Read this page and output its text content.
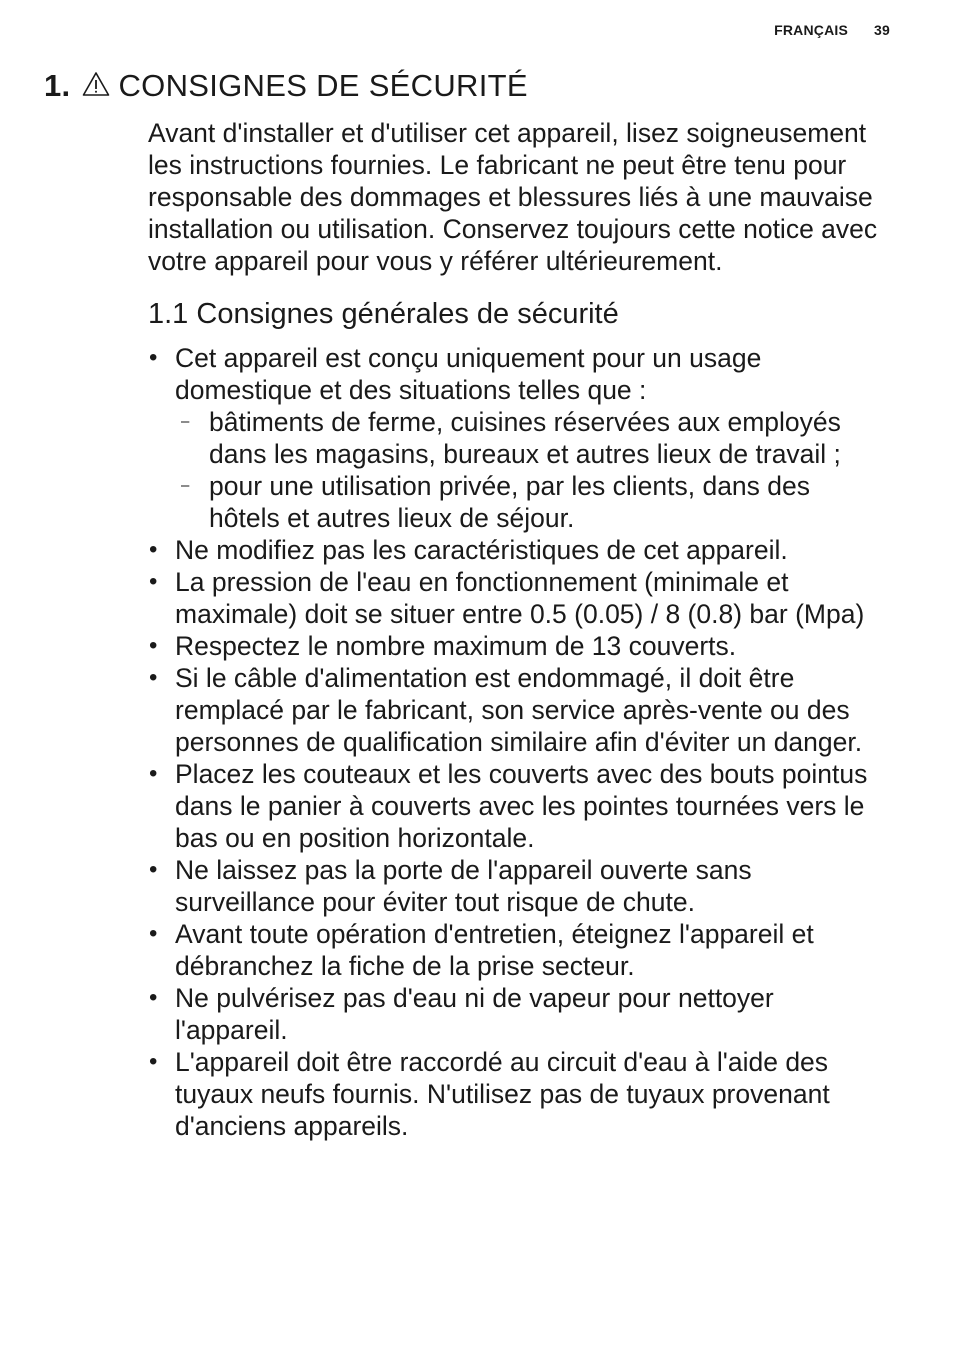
FRANÇAIS 39
1. CONSIGNES DE SÉCURITÉ

Avant d'installer et d'utiliser cet appareil, lisez soigneusement les instructions fournies. Le fabricant ne peut être tenu pour responsable des dommages et blessures liés à une mauvaise installation ou utilisation. Conservez toujours cette notice avec votre appareil pour vous y référer ultérieurement.

1.1 Consignes générales de sécurité
• Cet appareil est conçu uniquement pour un usage domestique et des situations telles que :
– bâtiments de ferme, cuisines réservées aux employés dans les magasins, bureaux et autres lieux de travail ;
– pour une utilisation privée, par les clients, dans des hôtels et autres lieux de séjour.
• Ne modifiez pas les caractéristiques de cet appareil.
• La pression de l'eau en fonctionnement (minimale et maximale) doit se situer entre 0.5 (0.05) / 8 (0.8) bar (Mpa)
• Respectez le nombre maximum de 13 couverts.
• Si le câble d'alimentation est endommagé, il doit être remplacé par le fabricant, son service après-vente ou des personnes de qualification similaire afin d'éviter un danger.
• Placez les couteaux et les couverts avec des bouts pointus dans le panier à couverts avec les pointes tournées vers le bas ou en position horizontale.
• Ne laissez pas la porte de l'appareil ouverte sans surveillance pour éviter tout risque de chute.
• Avant toute opération d'entretien, éteignez l'appareil et débranchez la fiche de la prise secteur.
• Ne pulvérisez pas d'eau ni de vapeur pour nettoyer l'appareil.
• L'appareil doit être raccordé au circuit d'eau à l'aide des tuyaux neufs fournis. N'utilisez pas de tuyaux provenant d'anciens appareils.
